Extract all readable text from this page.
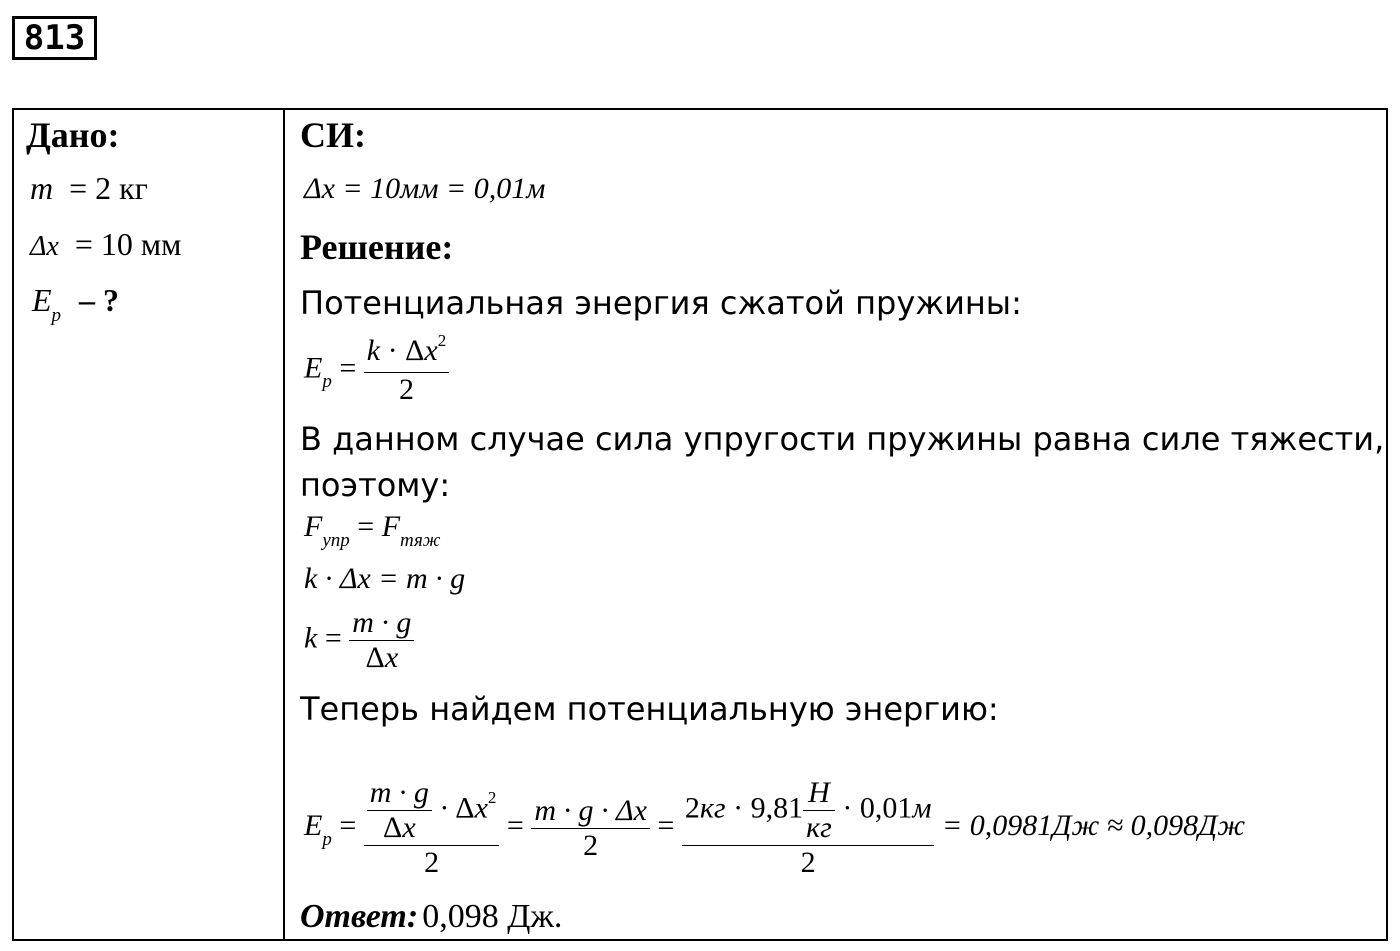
813
Дано:
m = 2 кг
Δx = 10 мм
$E_p$ – ?
СИ:
Δx = 10мм = 0,01м
Решение:
Потенциальная энергия сжатой пружины:
$E_p = \frac{k \cdot \Delta x^2}{2}$
В данном случае сила упругости пружины равна силе тяжести,
поэтому:
$F_{упр} = F_{тяж}$
k · Δx = m · g
$k = \frac{m \cdot g}{\Delta x}$
Теперь найдем потенциальную энергию:
$E_p = \frac{\frac{m \cdot g}{\Delta x} \cdot \Delta x^2}{2} = \frac{m \cdot g \cdot \Delta x}{2} = \frac{2кг \cdot 9,81 \frac{Н}{кг} \cdot 0,01м}{2} = 0,0981Дж \approx 0,098Дж$
Ответ: 0,098 Дж.
